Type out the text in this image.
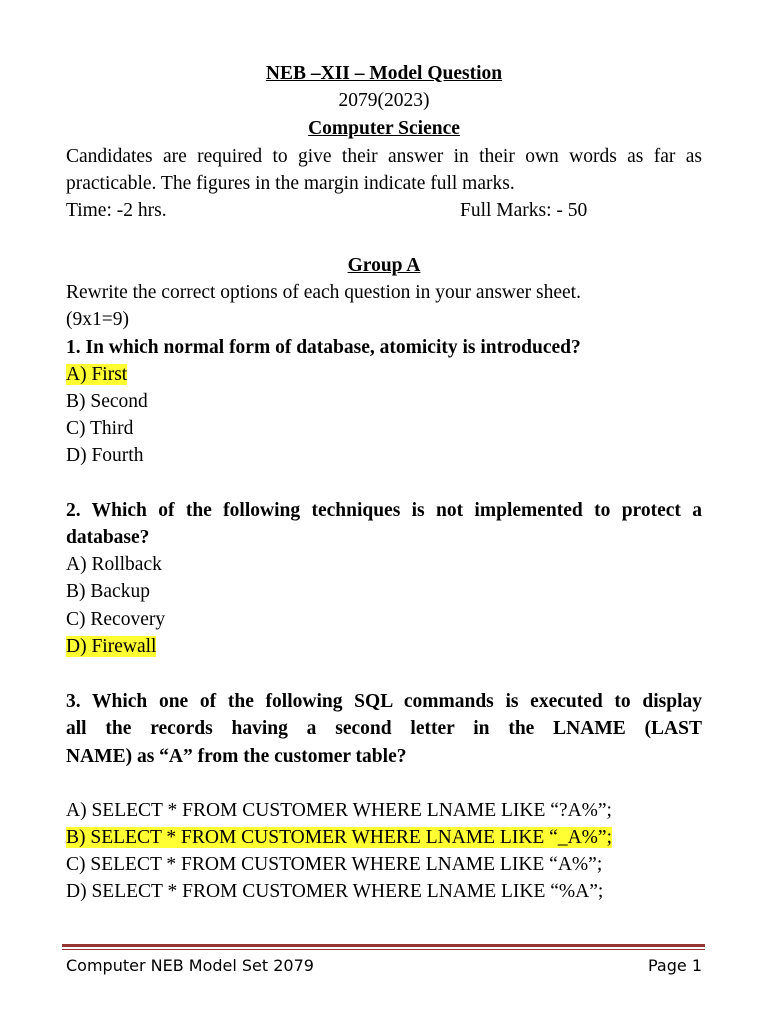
NEB –XII – Model Question
2079(2023)
Computer Science
Candidates are required to give their answer in their own words as far as
practicable. The figures in the margin indicate full marks.
Time: -2 hrs.	Full Marks: - 50
Group A
Rewrite the correct options of each question in your answer sheet.
(9x1=9)
1. In which normal form of database, atomicity is introduced?
A) First
B) Second
C) Third
D) Fourth
2. Which of the following techniques is not implemented to protect a
database?
A) Rollback
B) Backup
C) Recovery
D) Firewall
3. Which one of the following SQL commands is executed to display
all the records having a second letter in the LNAME (LAST
NAME) as “A” from the customer table?
A) SELECT * FROM CUSTOMER WHERE LNAME LIKE “?A%”;
B) SELECT * FROM CUSTOMER WHERE LNAME LIKE “_A%”;
C) SELECT * FROM CUSTOMER WHERE LNAME LIKE “A%”;
D) SELECT * FROM CUSTOMER WHERE LNAME LIKE “%A”;
Computer NEB Model Set 2079	Page 1
